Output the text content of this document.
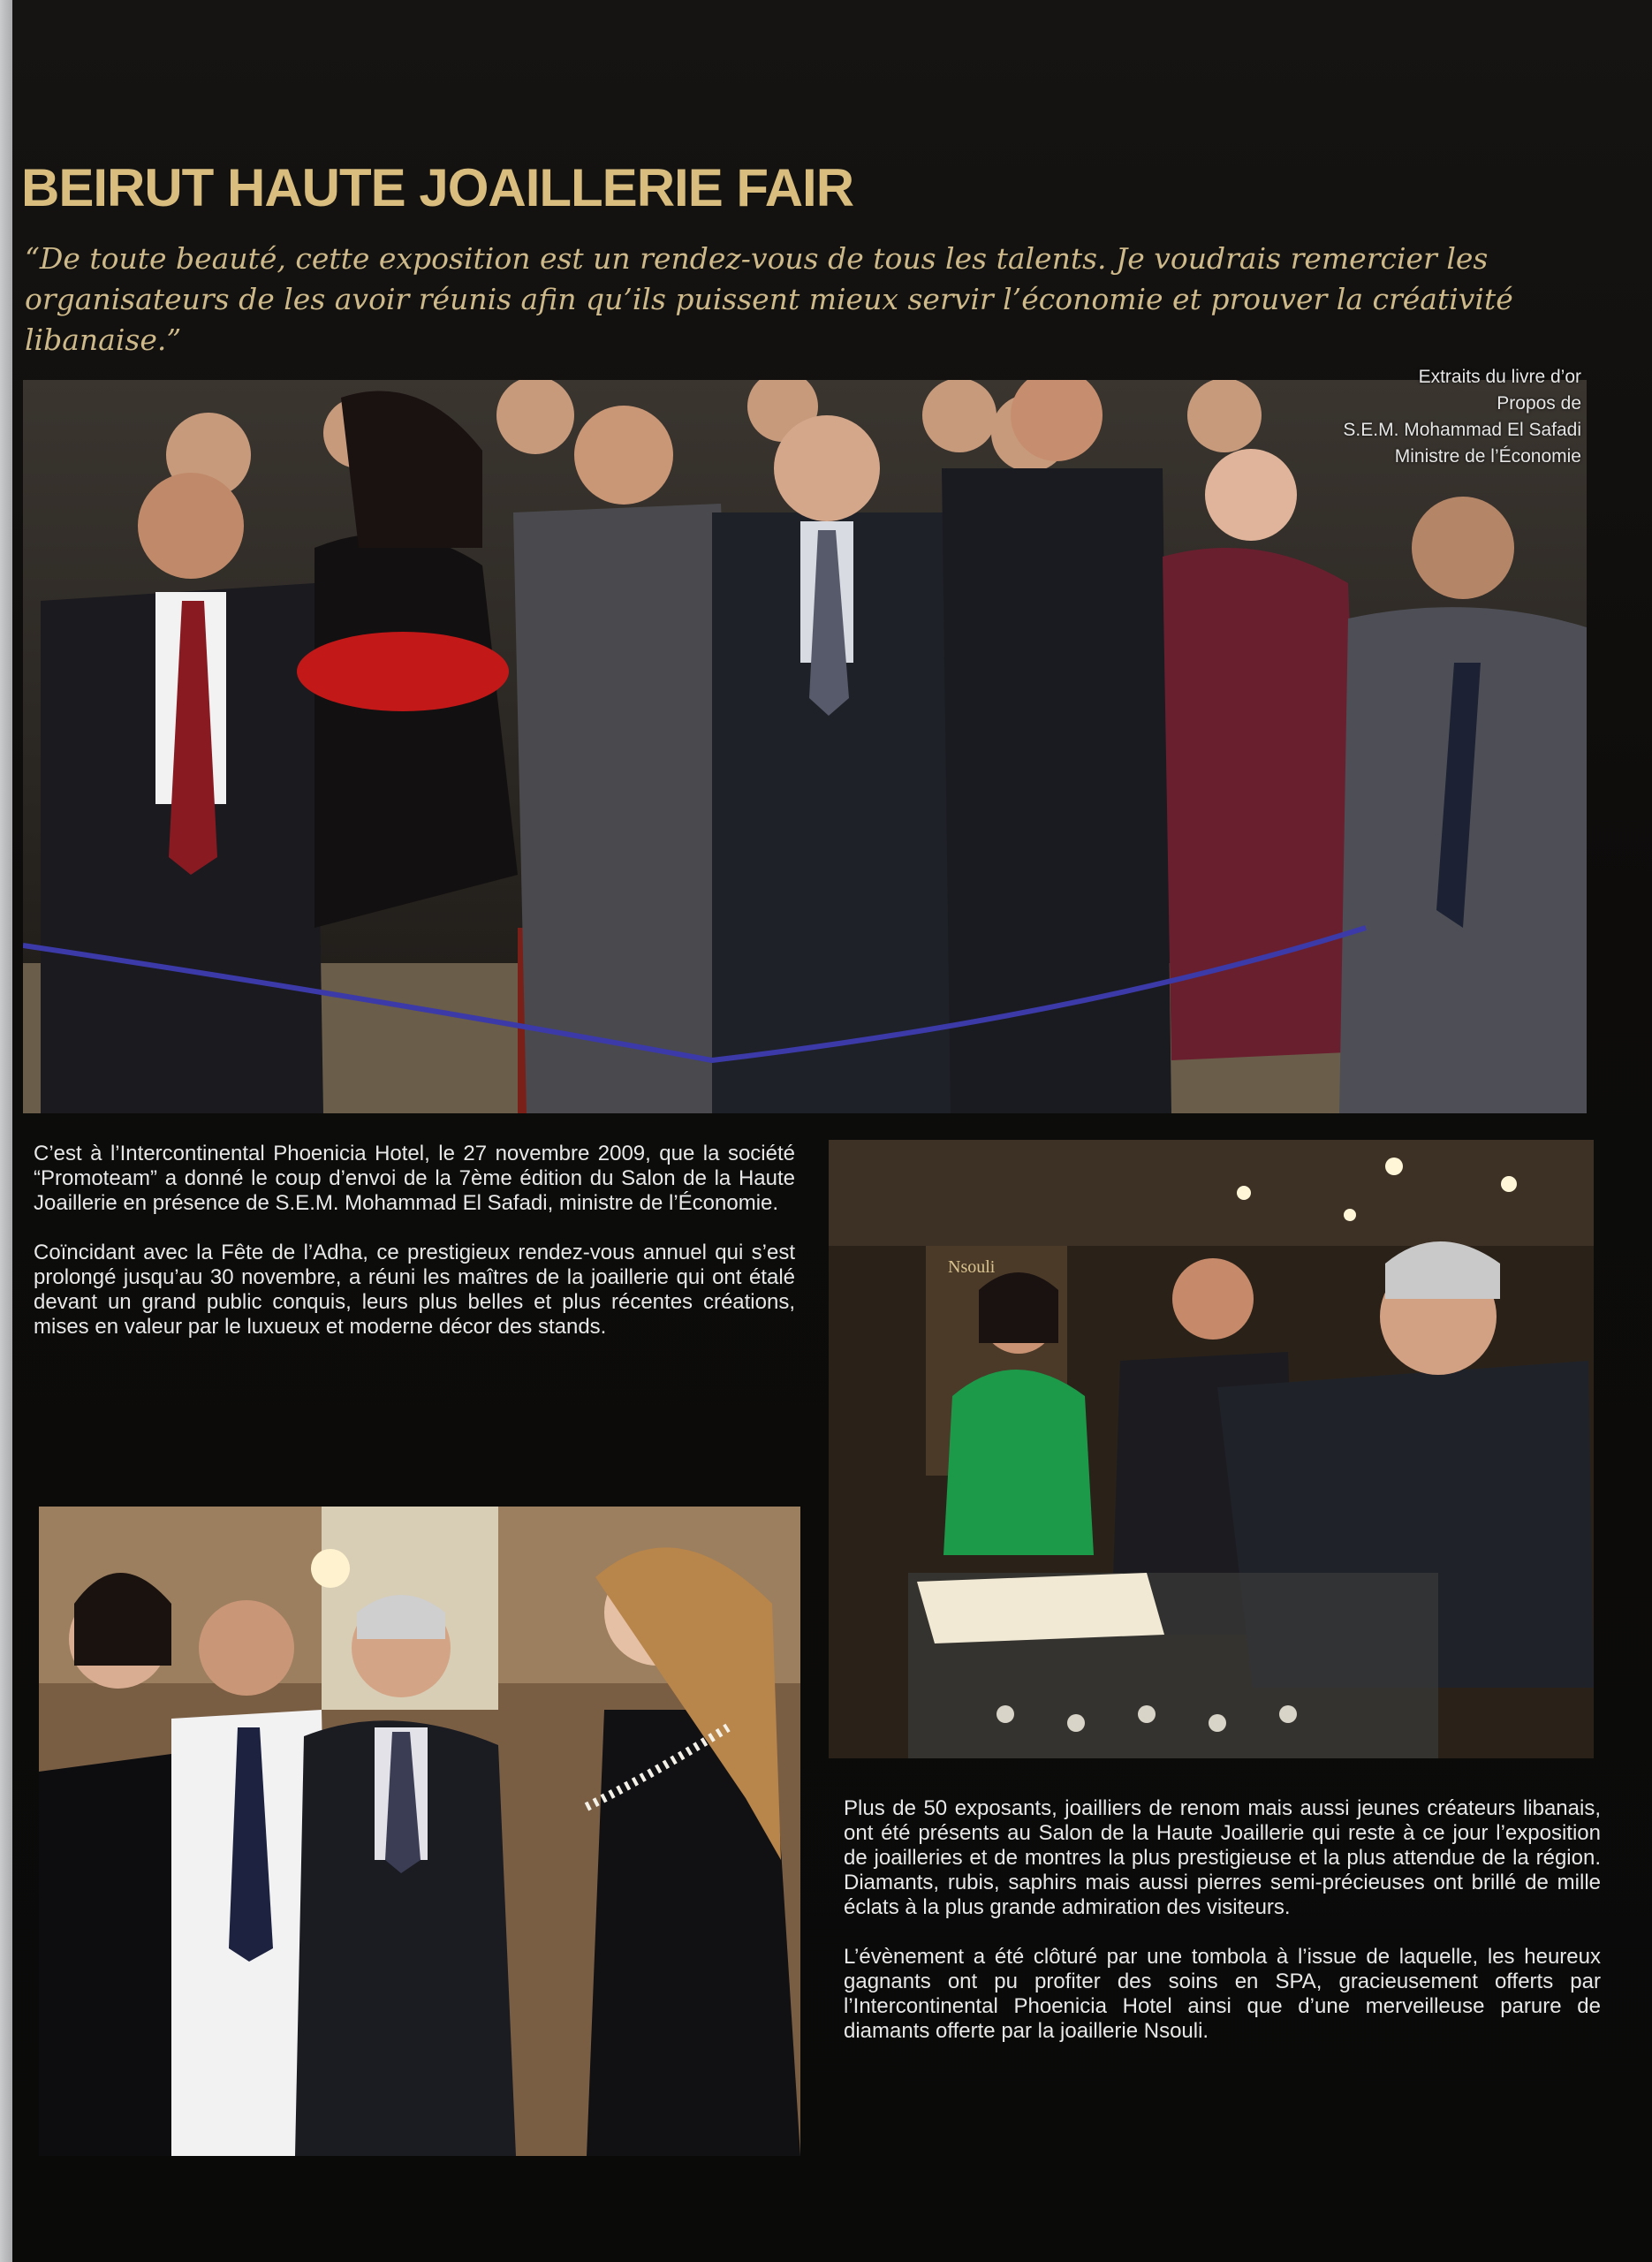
BEIRUT HAUTE JOAILLERIE FAIR
“De toute beauté, cette exposition est un rendez-vous de tous les talents. Je voudrais remercier les organisateurs de les avoir réunis afin qu’ils puissent mieux servir l’économie et prouver la créativité libanaise.”
Extraits du livre d’or
Propos de
S.E.M. Mohammad El Safadi
Ministre de l’Économie

C’est à l’Intercontinental Phoenicia Hotel, le 27 novembre 2009, que la société “Promoteam” a donné le coup d’envoi de la 7ème édition du Salon de la Haute Joaillerie en présence de S.E.M. Mohammad El Safadi, ministre de l’Économie.

Coïncidant avec la Fête de l’Adha, ce prestigieux rendez-vous annuel qui s’est prolongé jusqu’au 30 novembre, a réuni les maîtres de la joaillerie qui ont étalé devant un grand public conquis, leurs plus belles et plus récentes créations, mises en valeur par le luxueux et moderne décor des stands.

Nsouli

Plus de 50 exposants, joailliers de renom mais aussi jeunes créateurs libanais, ont été présents au Salon de la Haute Joaillerie qui reste à ce jour l’exposition de joailleries et de montres la plus prestigieuse et la plus attendue de la région. Diamants, rubis, saphirs mais aussi pierres semi-précieuses ont brillé de mille éclats à la plus grande admiration des visiteurs.

L’évènement a été clôturé par une tombola à l’issue de laquelle, les heureux gagnants ont pu profiter des soins en SPA, gracieusement offerts par l’Intercontinental Phoenicia Hotel ainsi que d’une merveilleuse parure de diamants offerte par la joaillerie Nsouli.
